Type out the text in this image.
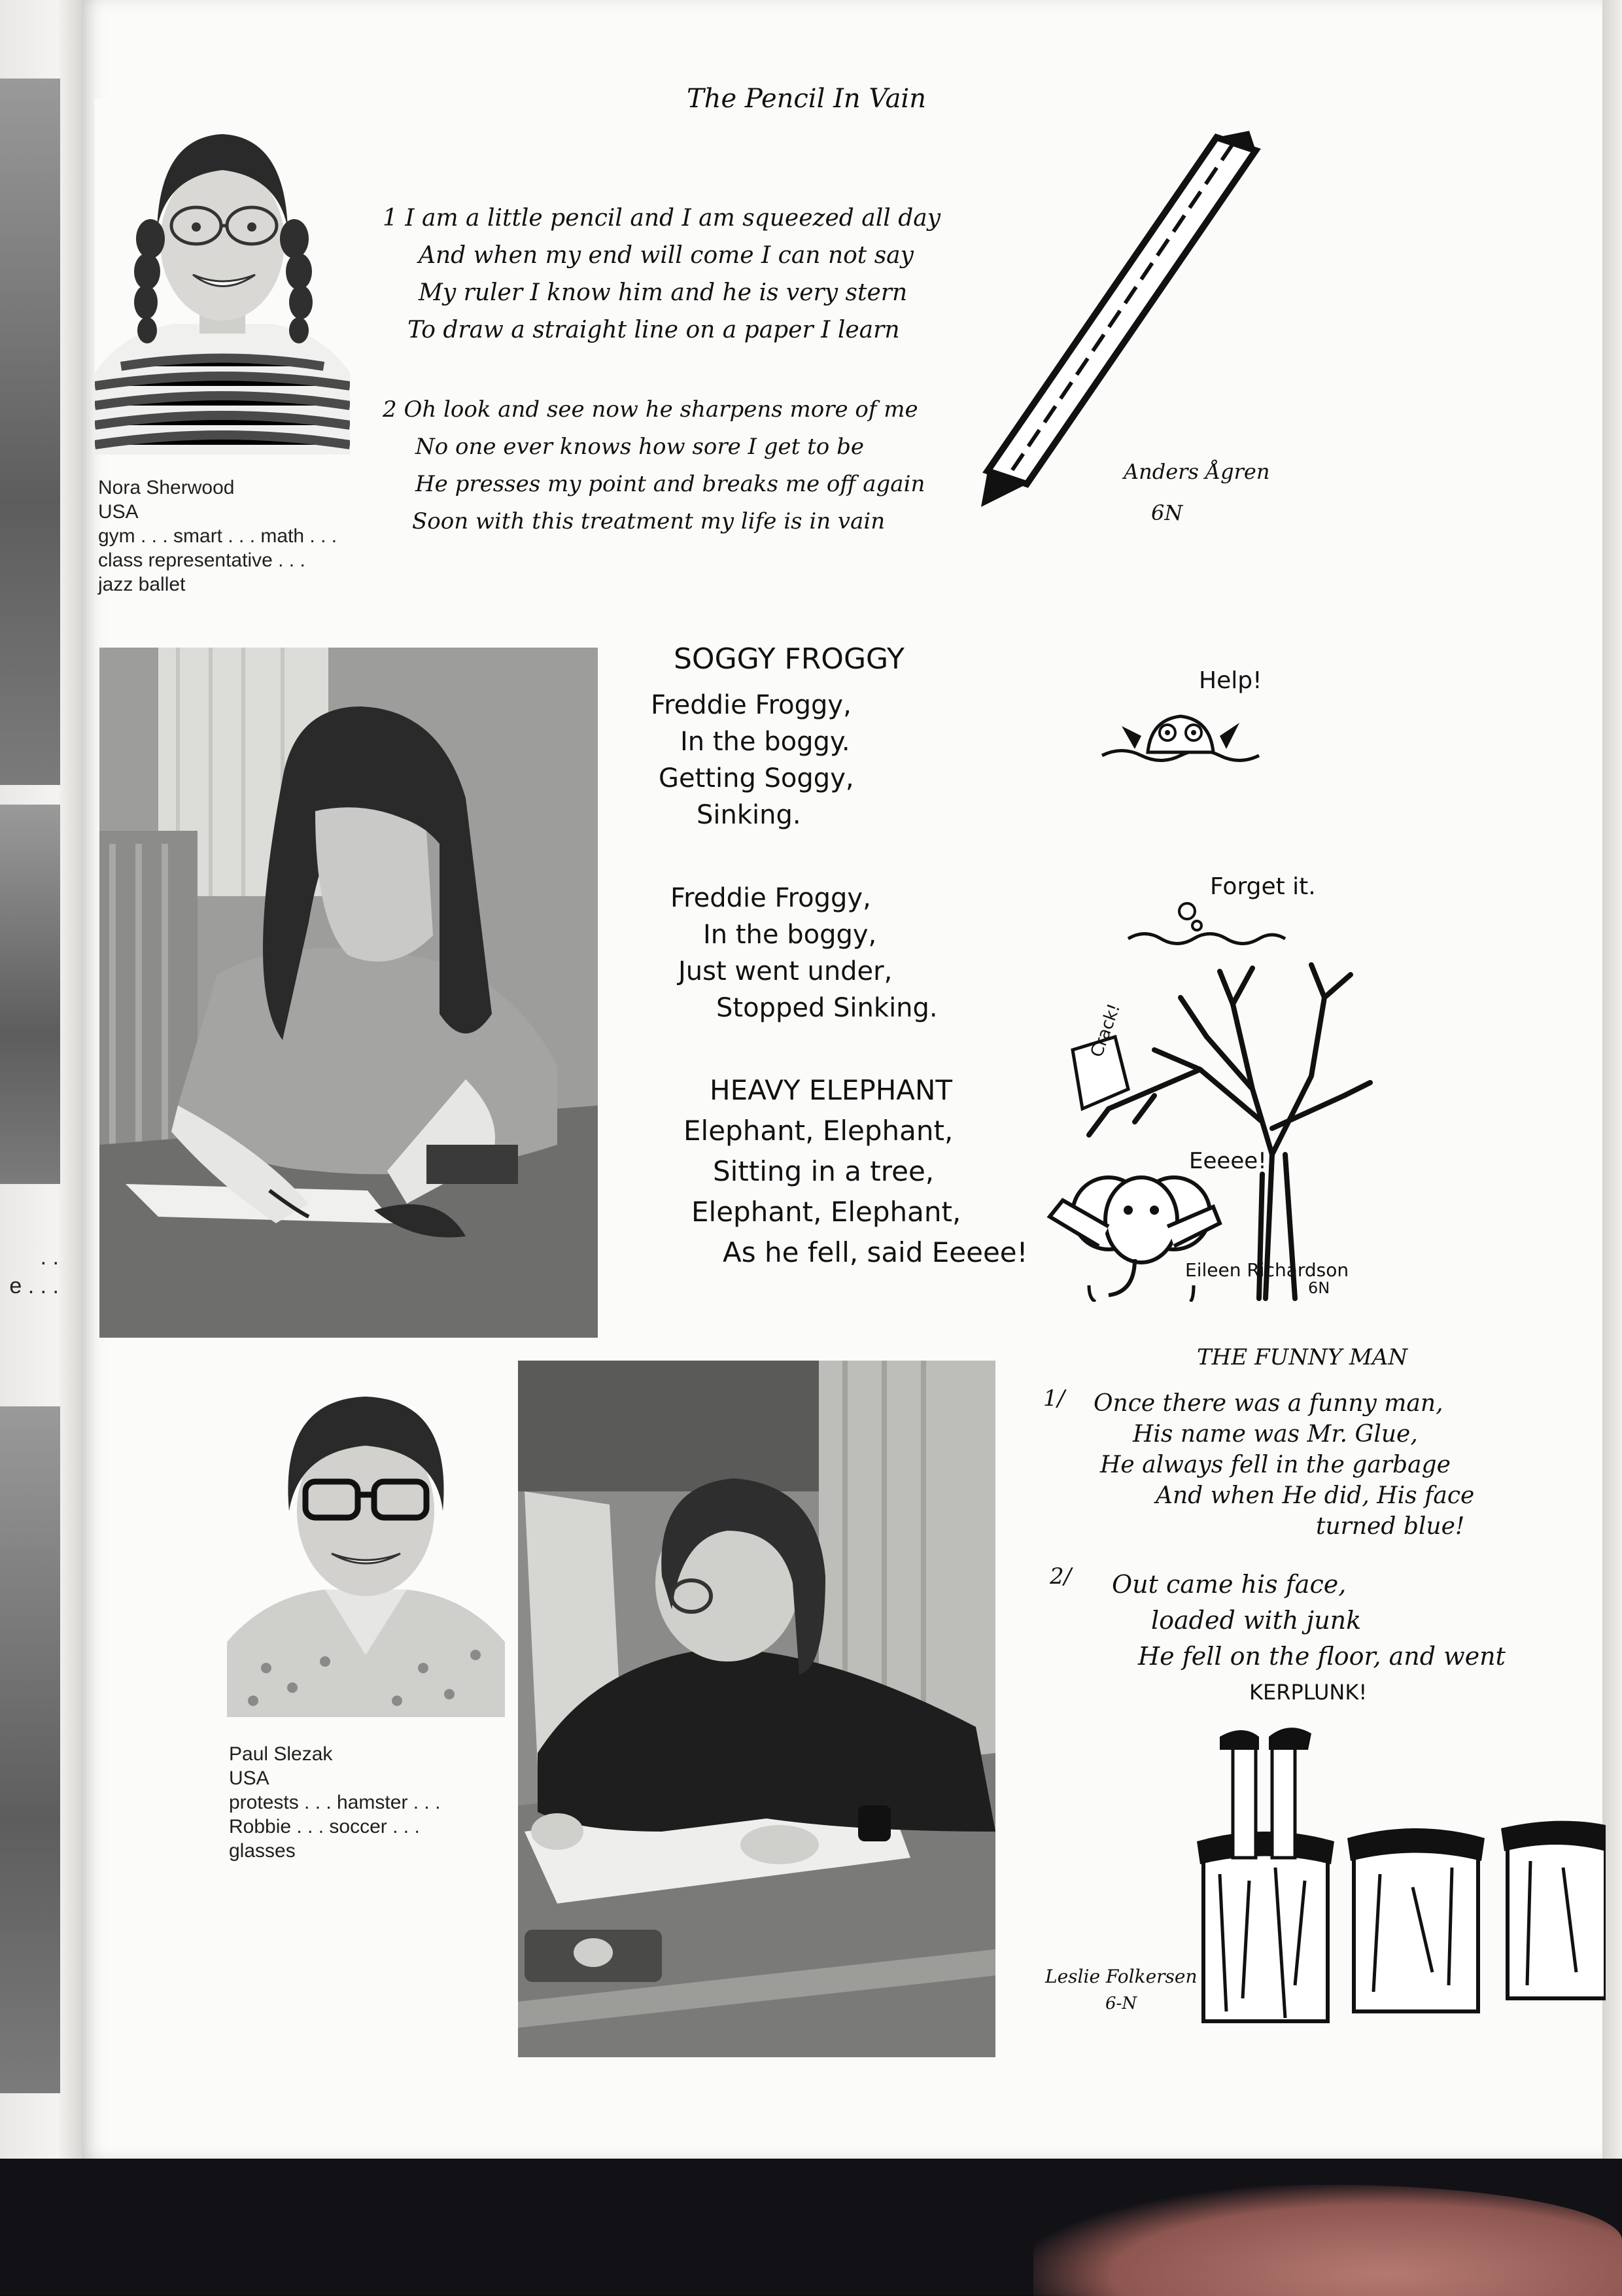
. .
e . . .
Nora Sherwood
USA
gym . . . smart . . . math . . .
class representative . . .
jazz ballet
The Pencil In Vain
1 I am a little pencil and I am squeezed all day
And when my end will come I can not say
My ruler I know him and he is very stern
To draw a straight line on a paper I learn
2 Oh look and see now he sharpens more of me
No one ever knows how sore I get to be
He presses my point and breaks me off again
Soon with this treatment my life is in vain
Anders Ågren
6N
SOGGY FROGGY
Freddie Froggy,
In the boggy.
Getting Soggy,
Sinking.
Freddie Froggy,
In the boggy,
Just went under,
Stopped Sinking.
Help!
Forget it.
HEAVY ELEPHANT
Elephant, Elephant,
Sitting in a tree,
Elephant, Elephant,
As he fell, said Eeeee!
Crack!
Eeeee!
Eileen Richardson
6N
Paul Slezak
USA
protests . . . hamster . . .
Robbie . . . soccer . . .
glasses
THE FUNNY MAN
1/ Once there was a funny man,
His name was Mr. Glue,
He always fell in the garbage
And when He did, His face
turned blue!
2/ Out came his face,
loaded with junk
He fell on the floor, and went
KERPLUNK!
Leslie Folkersen
6-N
